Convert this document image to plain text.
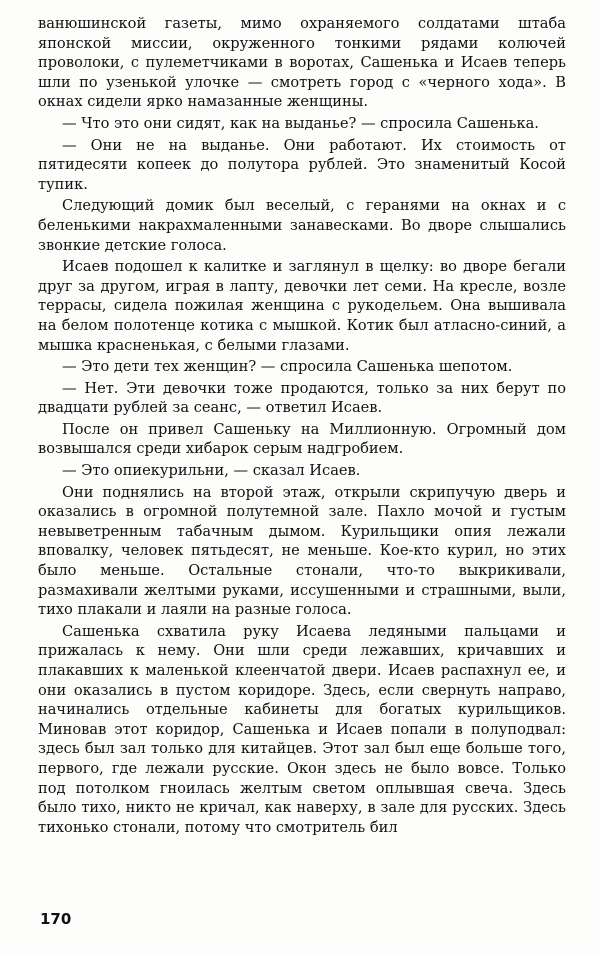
ванюшинской газеты, мимо охраняемого солдатами штаба японской миссии, окруженного тонкими рядами колючей проволоки, с пулеметчиками в воротах, Сашенька и Исаев теперь шли по узенькой улочке — смотреть город с «черного хода». В окнах сидели ярко намазанные женщины.

— Что это они сидят, как на выданье? — спросила Сашенька.

— Они не на выданье. Они работают. Их стоимость от пятидесяти копеек до полутора рублей. Это знаменитый Косой тупик.

Следующий домик был веселый, с геранями на окнах и с беленькими накрахмаленными занавесками. Во дворе слышались звонкие детские голоса.

Исаев подошел к калитке и заглянул в щелку: во дворе бегали друг за другом, играя в лапту, девочки лет семи. На кресле, возле террасы, сидела пожилая женщина с рукодельем. Она вышивала на белом полотенце котика с мышкой. Котик был атласно-синий, а мышка красненькая, с белыми глазами.

— Это дети тех женщин? — спросила Сашенька шепотом.

— Нет. Эти девочки тоже продаются, только за них берут по двадцати рублей за сеанс, — ответил Исаев.

После он привел Сашеньку на Миллионную. Огромный дом возвышался среди хибарок серым надгробием.

— Это опиекурильни, — сказал Исаев.

Они поднялись на второй этаж, открыли скрипучую дверь и оказались в огромной полутемной зале. Пахло мочой и густым невыветренным табачным дымом. Курильщики опия лежали вповалку, человек пятьдесят, не меньше. Кое-кто курил, но этих было меньше. Остальные стонали, что-то выкрикивали, размахивали желтыми руками, иссушенными и страшными, выли, тихо плакали и лаяли на разные голоса.

Сашенька схватила руку Исаева ледяными пальцами и прижалась к нему. Они шли среди лежавших, кричавших и плакавших к маленькой клеенчатой двери. Исаев распахнул ее, и они оказались в пустом коридоре. Здесь, если свернуть направо, начинались отдельные кабинеты для богатых курильщиков. Миновав этот коридор, Сашенька и Исаев попали в полуподвал: здесь был зал только для китайцев. Этот зал был еще больше того, первого, где лежали русские. Окон здесь не было вовсе. Только под потолком гноилась желтым светом оплывшая свеча. Здесь было тихо, никто не кричал, как наверху, в зале для русских. Здесь тихонько стонали, потому что смотритель бил

170
